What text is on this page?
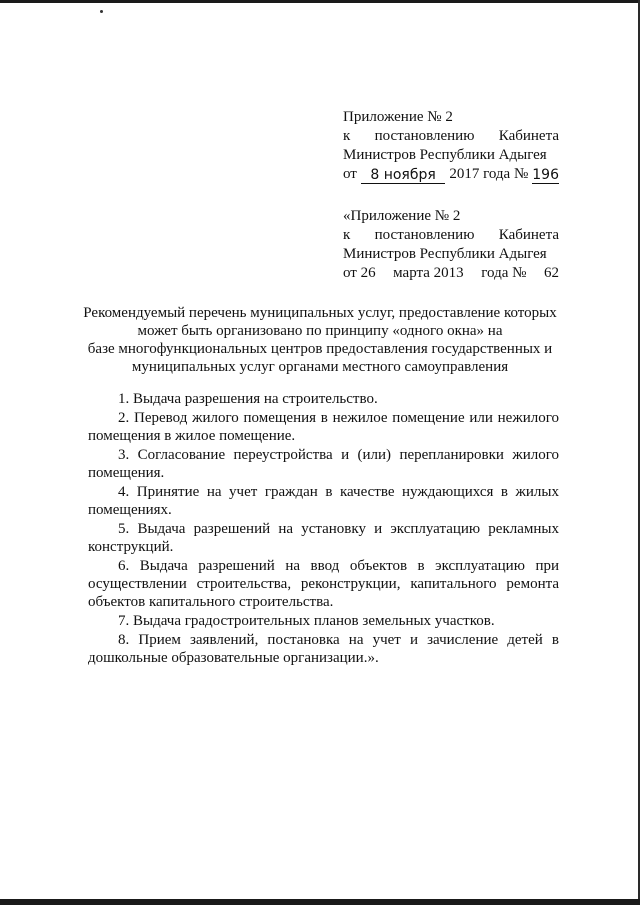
Приложение № 2
к постановлению Кабинета
Министров Республики Адыгея
от 8 ноября 2017 года № 196
«Приложение № 2
к постановлению Кабинета
Министров Республики Адыгея
от 26 марта 2013 года № 62
Рекомендуемый перечень муниципальных услуг, предоставление которых
может быть организовано по принципу «одного окна» на
базе многофункциональных центров предоставления государственных и
муниципальных услуг органами местного самоуправления

1. Выдача разрешения на строительство.

2. Перевод жилого помещения в нежилое помещение или нежилого помещения в жилое помещение.

3. Согласование переустройства и (или) перепланировки жилого помещения.

4. Принятие на учет граждан в качестве нуждающихся в жилых помещениях.

5. Выдача разрешений на установку и эксплуатацию рекламных конструкций.

6. Выдача разрешений на ввод объектов в эксплуатацию при осуществлении строительства, реконструкции, капитального ремонта объектов капитального строительства.

7. Выдача градостроительных планов земельных участков.

8. Прием заявлений, постановка на учет и зачисление детей в дошкольные образовательные организации.».
